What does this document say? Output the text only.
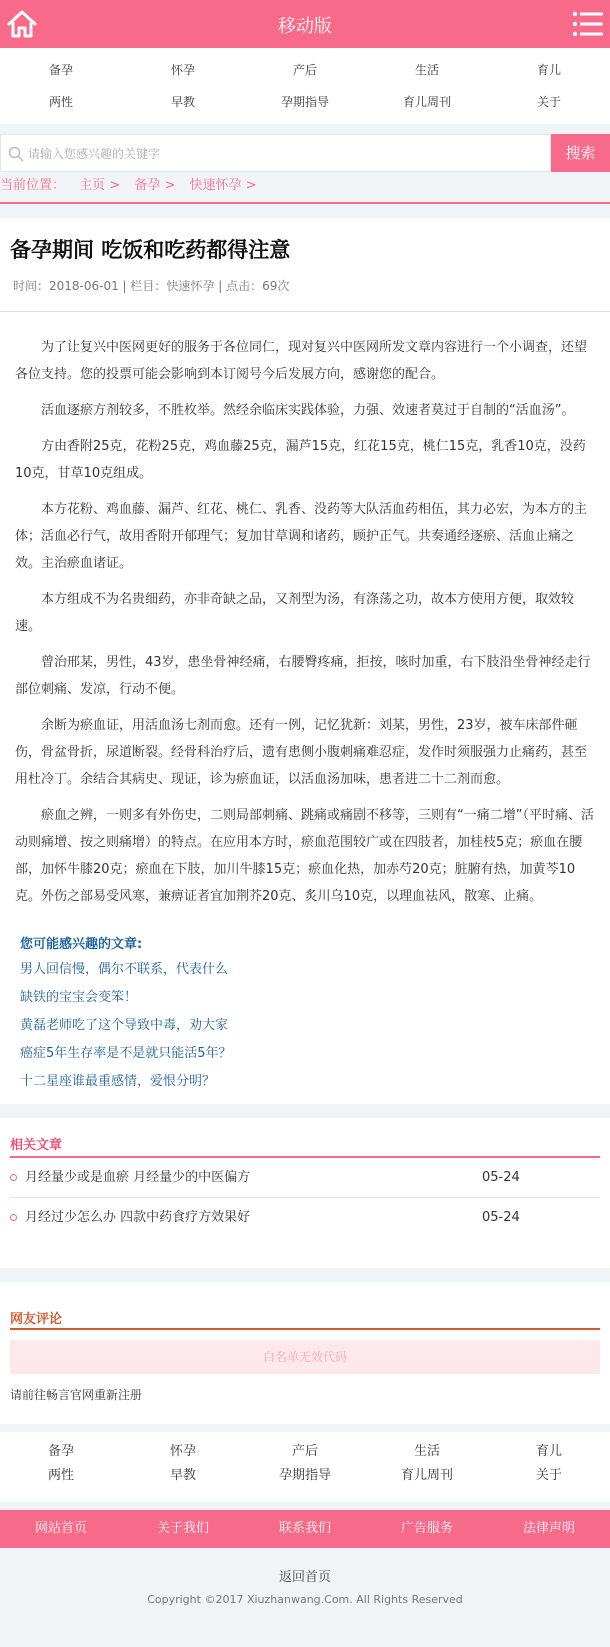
移动版
备孕	怀孕	产后	生活	育儿
两性	早教	孕期指导	育儿周刊	关于
请输入您感兴趣的关键字	搜索
当前位置： 主页 > 备孕 > 快速怀孕 >
备孕期间 吃饭和吃药都得注意
时间：2018-06-01 | 栏目：快速怀孕 | 点击：69次

为了让复兴中医网更好的服务于各位同仁，现对复兴中医网所发文章内容进行一个小调查，还望各位支持。您的投票可能会影响到本订阅号今后发展方向，感谢您的配合。

活血逐瘀方剂较多，不胜枚举。然经余临床实践体验，力强、效速者莫过于自制的“活血汤”。

方由香附25克，花粉25克，鸡血藤25克，漏芦15克，红花15克，桃仁15克，乳香10克，没药10克，甘草10克组成。

本方花粉、鸡血藤、漏芦、红花、桃仁、乳香、没药等大队活血药相伍，其力必宏，为本方的主体；活血必行气，故用香附开郁理气；复加甘草调和诸药，顾护正气。共奏通经逐瘀、活血止痛之效。主治瘀血诸证。

本方组成不为名贵细药，亦非奇缺之品，又剂型为汤，有涤荡之功，故本方使用方便，取效较速。

曾治邢某，男性，43岁，患坐骨神经痛，右腰臀疼痛，拒按，咳时加重，右下肢沿坐骨神经走行部位刺痛、发凉，行动不便。

余断为瘀血证，用活血汤七剂而愈。还有一例，记忆犹新：刘某，男性，23岁，被车床部件砸伤，骨盆骨折，尿道断裂。经骨科治疗后，遗有患侧小腹刺痛难忍症，发作时须服强力止痛药，甚至用杜冷丁。余结合其病史、现证，诊为瘀血证，以活血汤加味，患者进二十二剂而愈。

瘀血之辨，一则多有外伤史，二则局部刺痛、跳痛或痛剧不移等，三则有“一痛二增”（平时痛、活动则痛增、按之则痛增）的特点。在应用本方时，瘀血范围较广或在四肢者，加桂枝5克；瘀血在腰部，加怀牛膝20克；瘀血在下肢，加川牛膝15克；瘀血化热，加赤芍20克；脏腑有热，加黄芩10克。外伤之部易受风寒，兼痹证者宜加荆芥20克、炙川乌10克，以理血祛风，散寒、止痛。

您可能感兴趣的文章:
男人回信慢，偶尔不联系，代表什么
缺铁的宝宝会变笨！
黄磊老师吃了这个导致中毒，劝大家
癌症5年生存率是不是就只能活5年？
十二星座谁最重感情，爱恨分明？
相关文章
月经量少或是血瘀 月经量少的中医偏方	05-24
月经过少怎么办 四款中药食疗方效果好	05-24
网友评论
白名单无效代码
请前往畅言官网重新注册
备孕	怀孕	产后	生活	育儿
两性	早教	孕期指导	育儿周刊	关于
网站首页	关于我们	联系我们	广告服务	法律声明
返回首页
Copyright ©2017 Xiuzhanwang.Com. All Rights Reserved
